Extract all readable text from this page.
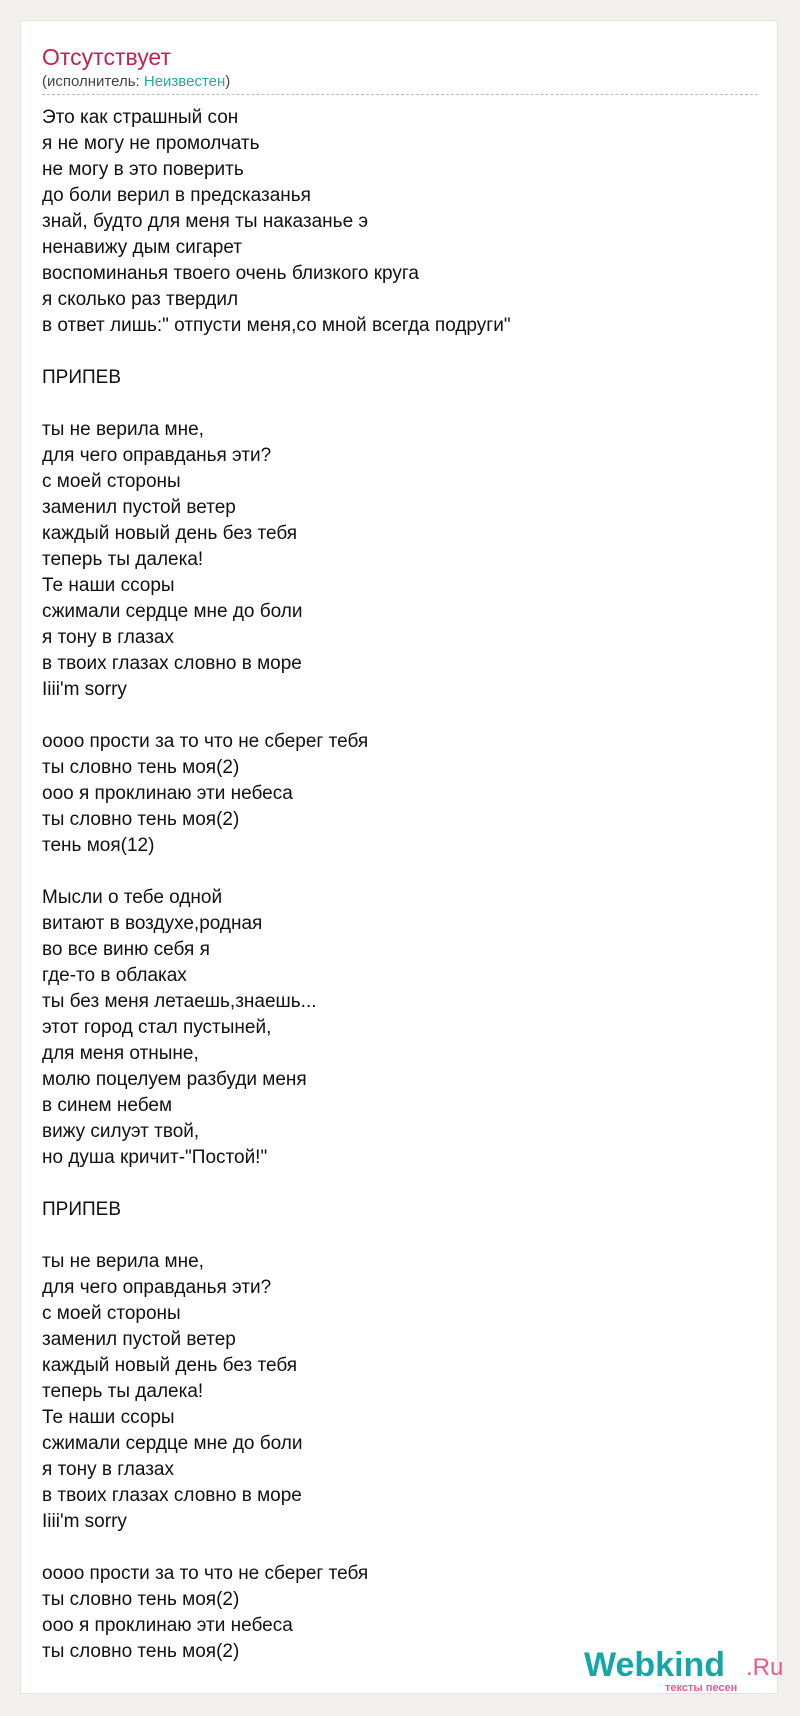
Отсутствует
(исполнитель: Неизвестен)
Это как страшный сон
я не могу не промолчать
не могу в это поверить
до боли верил в предсказанья
знай, будто для меня ты наказанье э
ненавижу дым сигарет
воспоминанья твоего очень близкого круга
я сколько раз твердил
в ответ лишь:" отпусти меня,со мной всегда подруги"
ПРИПЕВ
ты не верила мне,
для чего оправданья эти?
с моей стороны
заменил пустой ветер
каждый новый день без тебя
теперь ты далека!
Те наши ссоры
сжимали сердце мне до боли
я тону в глазах
в твоих глазах словно в море
Iiii'm sorry
оооо прости за то что не сберег тебя
ты словно тень моя(2)
ооо я проклинаю эти небеса
ты словно тень моя(2)
тень моя(12)
Мысли о тебе одной
витают в воздухе,родная
во все виню себя я
где-то в облаках
ты без меня летаешь,знаешь...
этот город стал пустыней,
для меня отныне,
молю поцелуем разбуди меня
в синем небем
вижу силуэт твой,
но душа кричит-"Постой!"
ПРИПЕВ
ты не верила мне,
для чего оправданья эти?
с моей стороны
заменил пустой ветер
каждый новый день без тебя
теперь ты далека!
Те наши ссоры
сжимали сердце мне до боли
я тону в глазах
в твоих глазах словно в море
Iiii'm sorry
оооо прости за то что не сберег тебя
ты словно тень моя(2)
ооо я проклинаю эти небеса
ты словно тень моя(2)	Webkind .Ru
тексты песен
